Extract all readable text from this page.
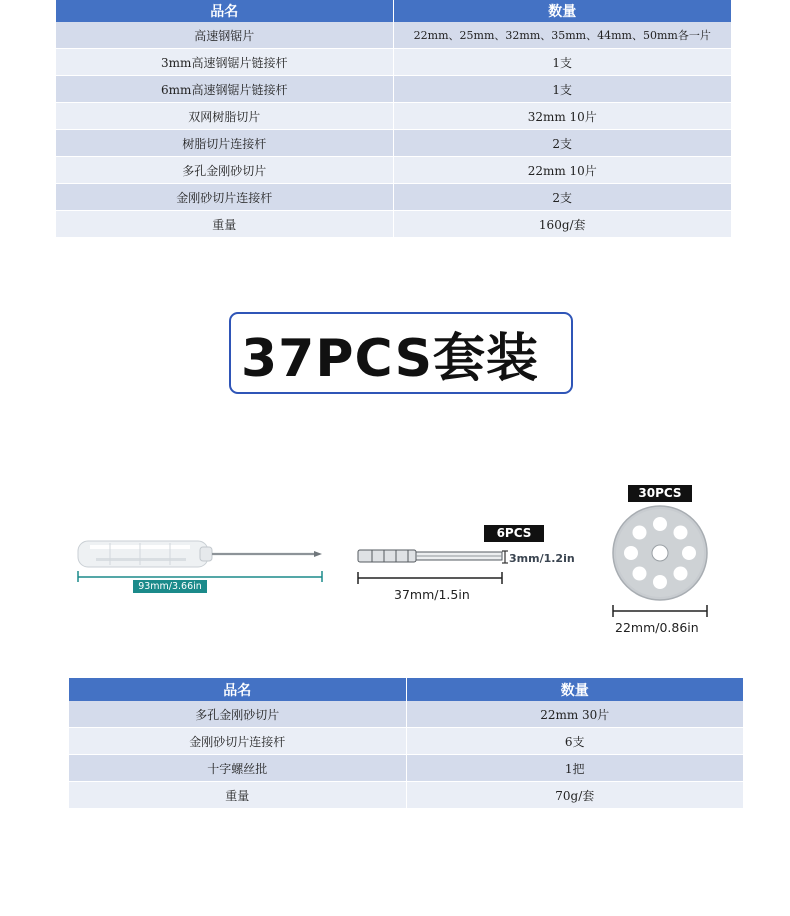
品名	数量
高速钢锯片	22mm、25mm、32mm、35mm、44mm、50mm各一片
3mm高速钢锯片链接杆	1支
6mm高速钢锯片链接杆	1支
双网树脂切片	32mm 10片
树脂切片连接杆	2支
多孔金刚砂切片	22mm 10片
金刚砂切片连接杆	2支
重量	160g/套
37PCS套装
93mm/3.66in
6PCS
3mm/1.2in
37mm/1.5in
30PCS
22mm/0.86in
品名	数量
多孔金刚砂切片	22mm 30片
金刚砂切片连接杆	6支
十字螺丝批	1把
重量	70g/套
